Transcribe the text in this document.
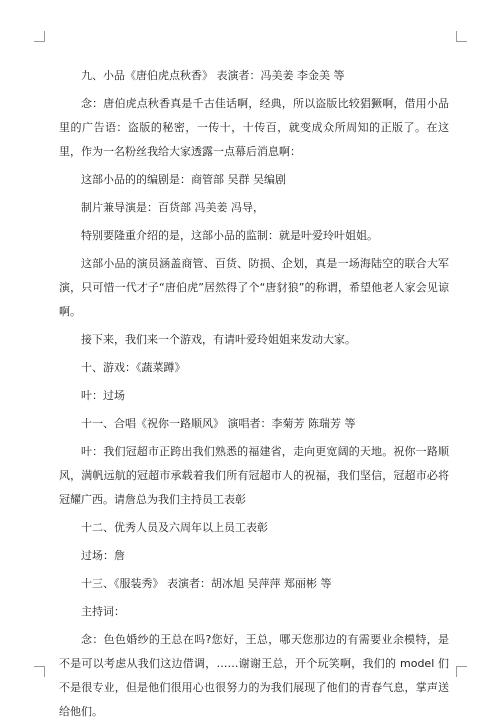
九、小品《唐伯虎点秋香》 表演者：冯美姜 李金美 等

念：唐伯虎点秋香真是千古佳话啊，经典，所以盗版比较猖獗啊，借用小品里的广告语：盗版的秘密，一传十，十传百，就变成众所周知的正版了。在这里，作为一名粉丝我给大家透露一点幕后消息啊：

这部小品的的编剧是：商管部 吴群 吴编剧

制片兼导演是：百货部 冯美姜 冯导，

特别要隆重介绍的是，这部小品的监制：就是叶爱玲叶姐姐。

这部小品的演员涵盖商管、百货、防损、企划，真是一场海陆空的联合大军演，只可惜一代才子“唐伯虎”居然得了个“唐豺狼”的称谓，希望他老人家会见谅啊。

接下来，我们来一个游戏，有请叶爱玲姐姐来发动大家。

十、游戏：《蔬菜蹲》

叶：过场

十一、合唱《祝你一路顺风》 演唱者：李菊芳 陈瑞芳 等

叶：我们冠超市正跨出我们熟悉的福建省，走向更宽阔的天地。祝你一路顺风，满帆远航的冠超市承载着我们所有冠超市人的祝福，我们坚信，冠超市必将冠耀广西。请詹总为我们主持员工表彰

十二、优秀人员及六周年以上员工表彰

过场：詹

十三、《服装秀》 表演者：胡冰旭 吴萍萍 郑丽彬 等

主持词：

念：色色婚纱的王总在吗?您好，王总，哪天您那边的有需要业余模特，是不是可以考虑从我们这边借调，……谢谢王总，开个玩笑啊，我们的 model 们不是很专业，但是他们很用心也很努力的为我们展现了他们的青春气息，掌声送给他们。
